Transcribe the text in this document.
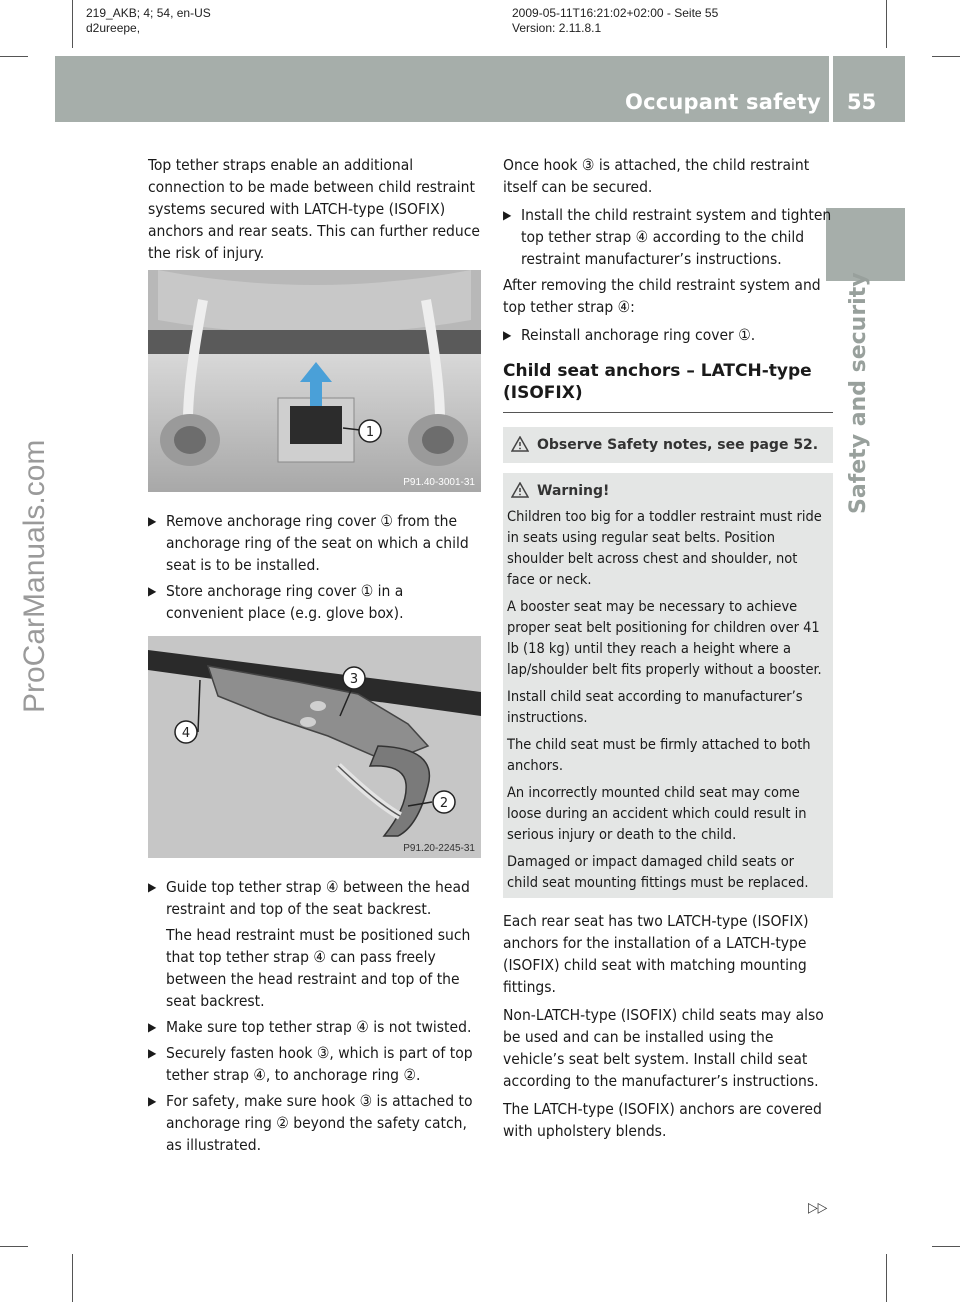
219_AKB; 4; 54, en-US
d2ureepe,
2009-05-11T16:21:02+02:00 - Seite 55
Version: 2.11.8.1
Occupant safety 55
Safety and security
ProCarManuals.com

Top tether straps enable an additional connection to be made between child restraint systems secured with LATCH-type (ISOFIX) anchors and rear seats. This can further reduce the risk of injury.

1
P91.40-3001-31
▶ Remove anchorage ring cover ① from the anchorage ring of the seat on which a child seat is to be installed.
▶ Store anchorage ring cover ① in a convenient place (e.g. glove box).
3
4
2
P91.20-2245-31
▶ Guide top tether strap ④ between the head restraint and top of the seat backrest.
The head restraint must be positioned such that top tether strap ④ can pass freely between the head restraint and top of the seat backrest.
▶ Make sure top tether strap ④ is not twisted.
▶ Securely fasten hook ③, which is part of top tether strap ④, to anchorage ring ②.
▶ For safety, make sure hook ③ is attached to anchorage ring ② beyond the safety catch, as illustrated.

Once hook ③ is attached, the child restraint itself can be secured.

▶ Install the child restraint system and tighten top tether strap ④ according to the child restraint manufacturer’s instructions.

After removing the child restraint system and top tether strap ④:

▶ Reinstall anchorage ring cover ①.
Child seat anchors – LATCH-type (ISOFIX)
Observe Safety notes, see page 52.
Warning!

Children too big for a toddler restraint must ride in seats using regular seat belts. Position shoulder belt across chest and shoulder, not face or neck.

A booster seat may be necessary to achieve proper seat belt positioning for children over 41 lb (18 kg) until they reach a height where a lap/shoulder belt fits properly without a booster.

Install child seat according to manufacturer’s instructions.

The child seat must be firmly attached to both anchors.

An incorrectly mounted child seat may come loose during an accident which could result in serious injury or death to the child.

Damaged or impact damaged child seats or child seat mounting fittings must be replaced.

Each rear seat has two LATCH-type (ISOFIX) anchors for the installation of a LATCH-type (ISOFIX) child seat with matching mounting fittings.

Non-LATCH-type (ISOFIX) child seats may also be used and can be installed using the vehicle’s seat belt system. Install child seat according to the manufacturer’s instructions.

The LATCH-type (ISOFIX) anchors are covered with upholstery blends.

▷▷
